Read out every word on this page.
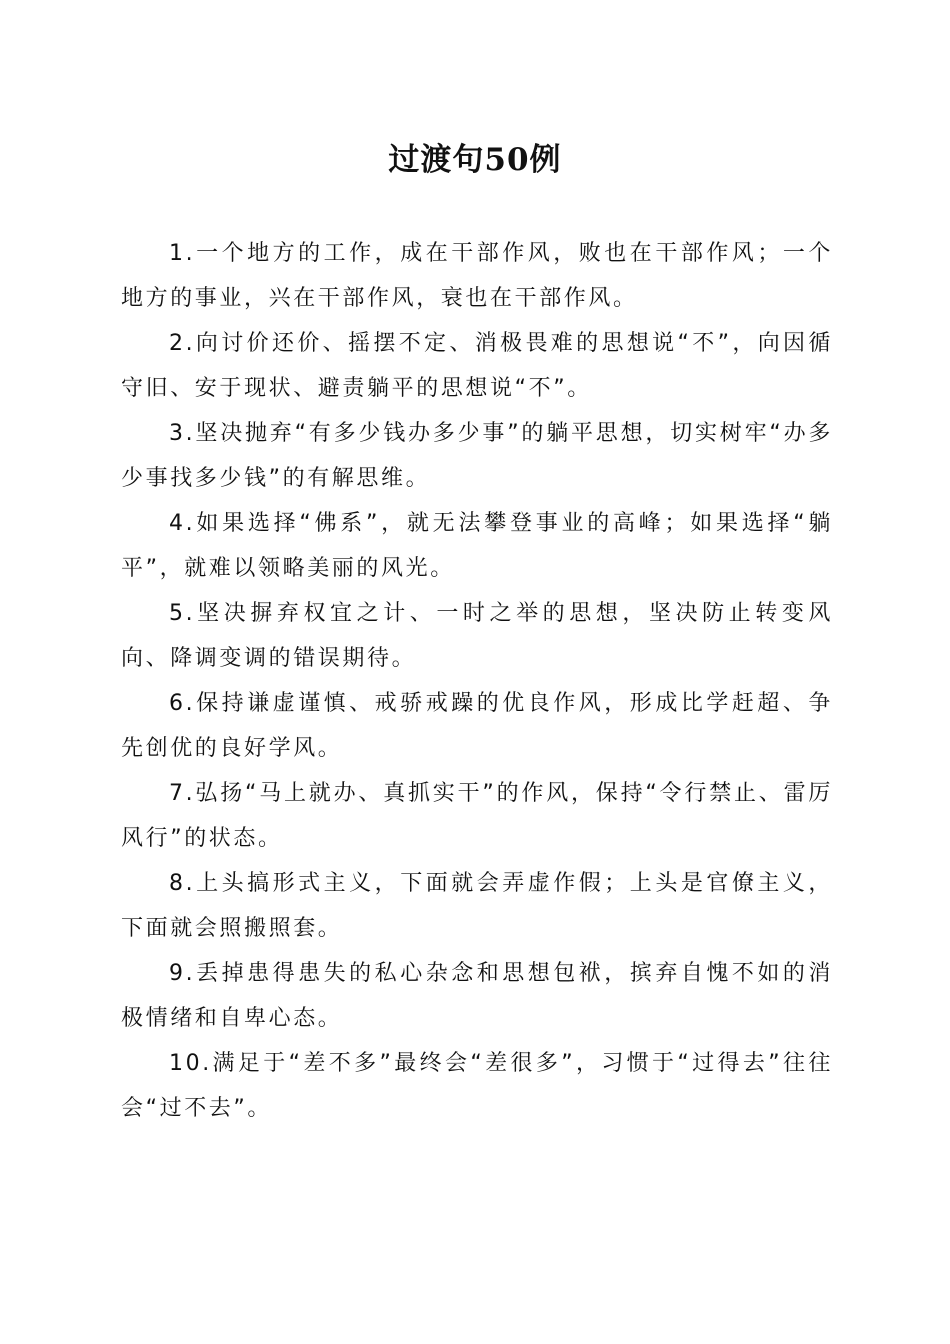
过渡句50例

1.一个地方的工作，成在干部作风，败也在干部作风；一个地方的事业，兴在干部作风，衰也在干部作风。

2.向讨价还价、摇摆不定、消极畏难的思想说“不”，向因循守旧、安于现状、避责躺平的思想说“不”。

3.坚决抛弃“有多少钱办多少事”的躺平思想，切实树牢“办多少事找多少钱”的有解思维。

4.如果选择“佛系”，就无法攀登事业的高峰；如果选择“躺平”，就难以领略美丽的风光。

5.坚决摒弃权宜之计、一时之举的思想，坚决防止转变风向、降调变调的错误期待。

6.保持谦虚谨慎、戒骄戒躁的优良作风，形成比学赶超、争先创优的良好学风。

7.弘扬“马上就办、真抓实干”的作风，保持“令行禁止、雷厉风行”的状态。

8.上头搞形式主义，下面就会弄虚作假；上头是官僚主义，下面就会照搬照套。

9.丢掉患得患失的私心杂念和思想包袱，摈弃自愧不如的消极情绪和自卑心态。

10.满足于“差不多”最终会“差很多”，习惯于“过得去”往往会“过不去”。
